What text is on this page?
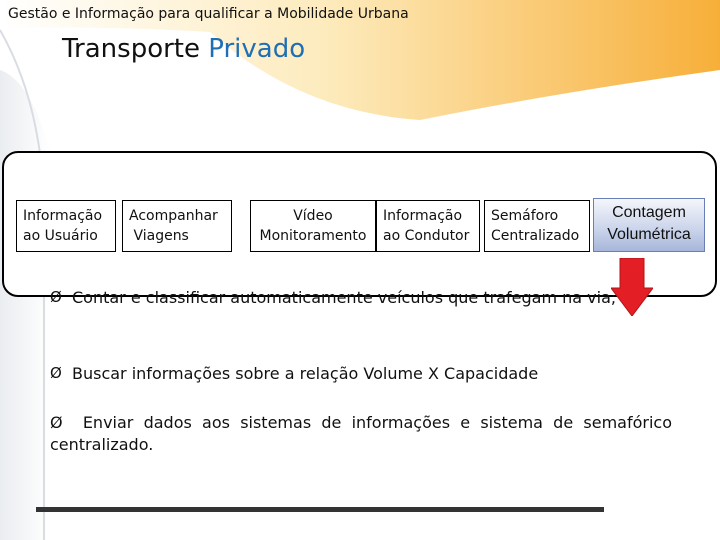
Gestão e Informação para qualificar a Mobilidade Urbana
Transporte Privado
Informação
ao Usuário
Acompanhar
Viagens
Vídeo
Monitoramento
Informação
ao Condutor
Semáforo
Centralizado
Contagem
Volumétrica
Ø Contar e classificar automaticamente veículos que trafegam na via;
Ø Buscar informações sobre a relação Volume X Capacidade
Ø Enviar dados aos sistemas de informações e sistema de semafórico centralizado.
